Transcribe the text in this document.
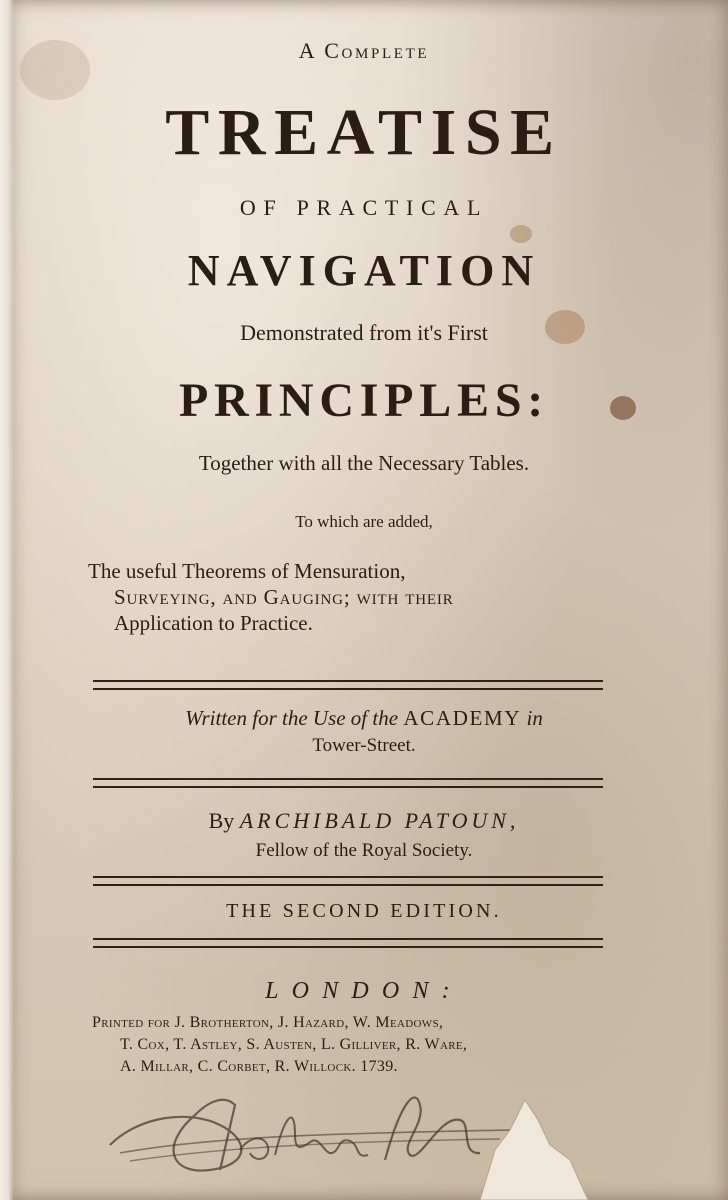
A Complete
TREATISE
OF PRACTICAL
NAVIGATION
Demonstrated from it's First
PRINCIPLES:
Together with all the Necessary Tables.
To which are added,
The useful Theorems of Mensuration,
Surveying, and Gauging; with their
Application to Practice.
Written for the Use of the ACADEMY in
Tower-Street.
By ARCHIBALD PATOUN,
Fellow of the Royal Society.
THE SECOND EDITION.
LONDON:
Printed for J. Brotherton, J. Hazard, W. Meadows,
T. Cox, T. Astley, S. Austen, L. Gilliver, R. Ware,
A. Millar, C. Corbet, R. Willock. 1739.
